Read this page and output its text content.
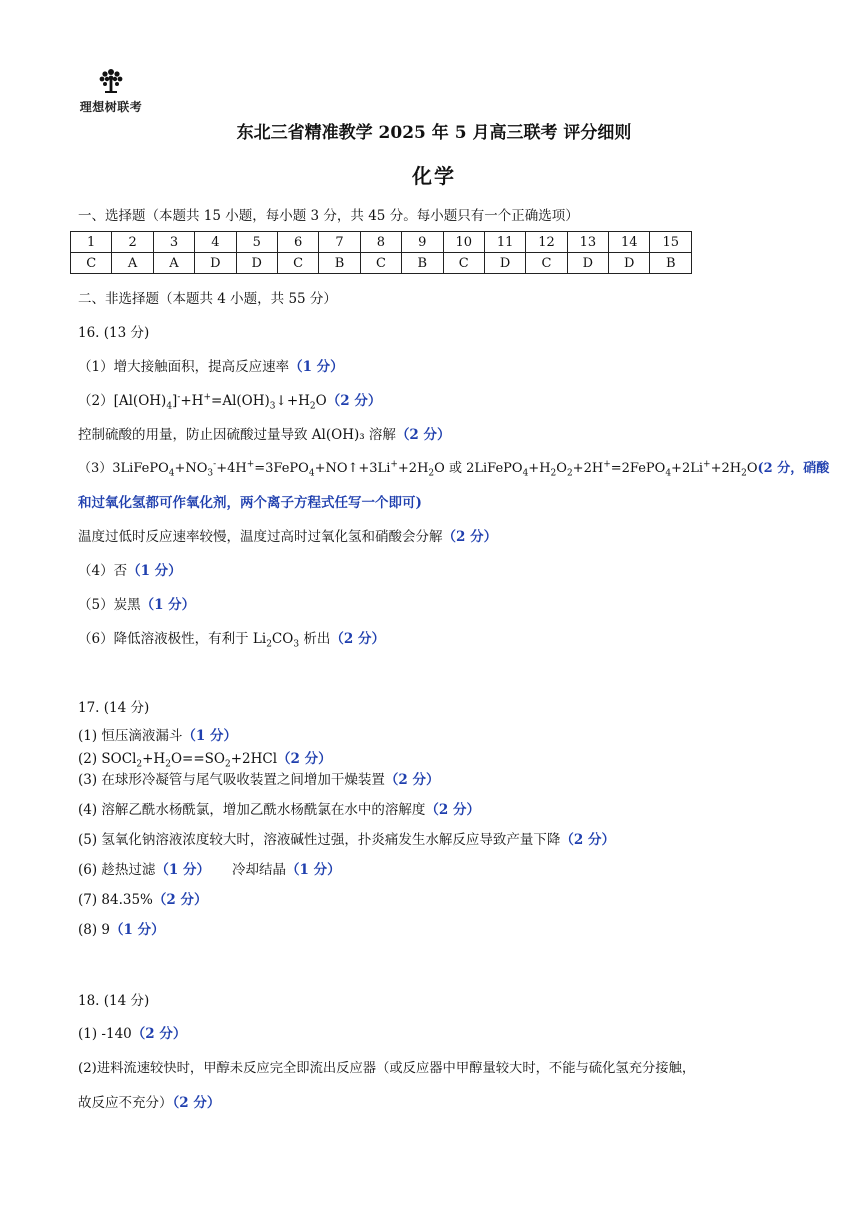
理想树联考
东北三省精准教学 2025 年 5 月高三联考 评分细则
化学
一、选择题（本题共 15 小题，每小题 3 分，共 45 分。每小题只有一个正确选项）
1	2	3	4	5	6	7	8	9	10	11	12	13	14	15
C	A	A	D	D	C	B	C	B	C	D	C	D	D	B
二、非选择题（本题共 4 小题，共 55 分）
16. (13 分)
（1）增大接触面积，提高反应速率（1 分）
$(2)[Al(OH)_4]^-+H^+=Al(OH)_3↓+H_2O(2$ 分）
控制硫酸的用量，防止因硫酸过量导致 Al(OH)₃ 溶解（2 分）
$(3)3LiFePO_4+NO_3^-+4H^+=3FePO_4+NO↑+3Li^++2H_2O$ 或 $2LiFePO_4+H_2O_2+2H^+=2FePO_4+2Li^++2H_2O(2$ 分，硝酸
和过氧化氢都可作氧化剂，两个离子方程式任写一个即可)
温度过低时反应速率较慢，温度过高时过氧化氢和硝酸会分解（2 分）
（4）否（1 分）
（5）炭黑（1 分）
（6）降低溶液极性，有利于 $Li_2CO_3$ 析出（2 分）
17. (14 分)
(1) 恒压滴液漏斗（1 分）
(2) $SOCl_2+H_2O==SO_2+2HCl(2$ 分）
(3) 在球形冷凝管与尾气吸收装置之间增加干燥装置（2 分）
(4) 溶解乙酰水杨酰氯，增加乙酰水杨酰氯在水中的溶解度（2 分）
(5) 氢氧化钠溶液浓度较大时，溶液碱性过强，扑炎痛发生水解反应导致产量下降（2 分）
(6) 趁热过滤（1 分） 冷却结晶（1 分）
(7) 84.35%（2 分）
(8) 9（1 分）
18. (14 分)
(1) -140（2 分）
(2)进料流速较快时，甲醇未反应完全即流出反应器（或反应器中甲醇量较大时，不能与硫化氢充分接触，
故反应不充分）（2 分）
